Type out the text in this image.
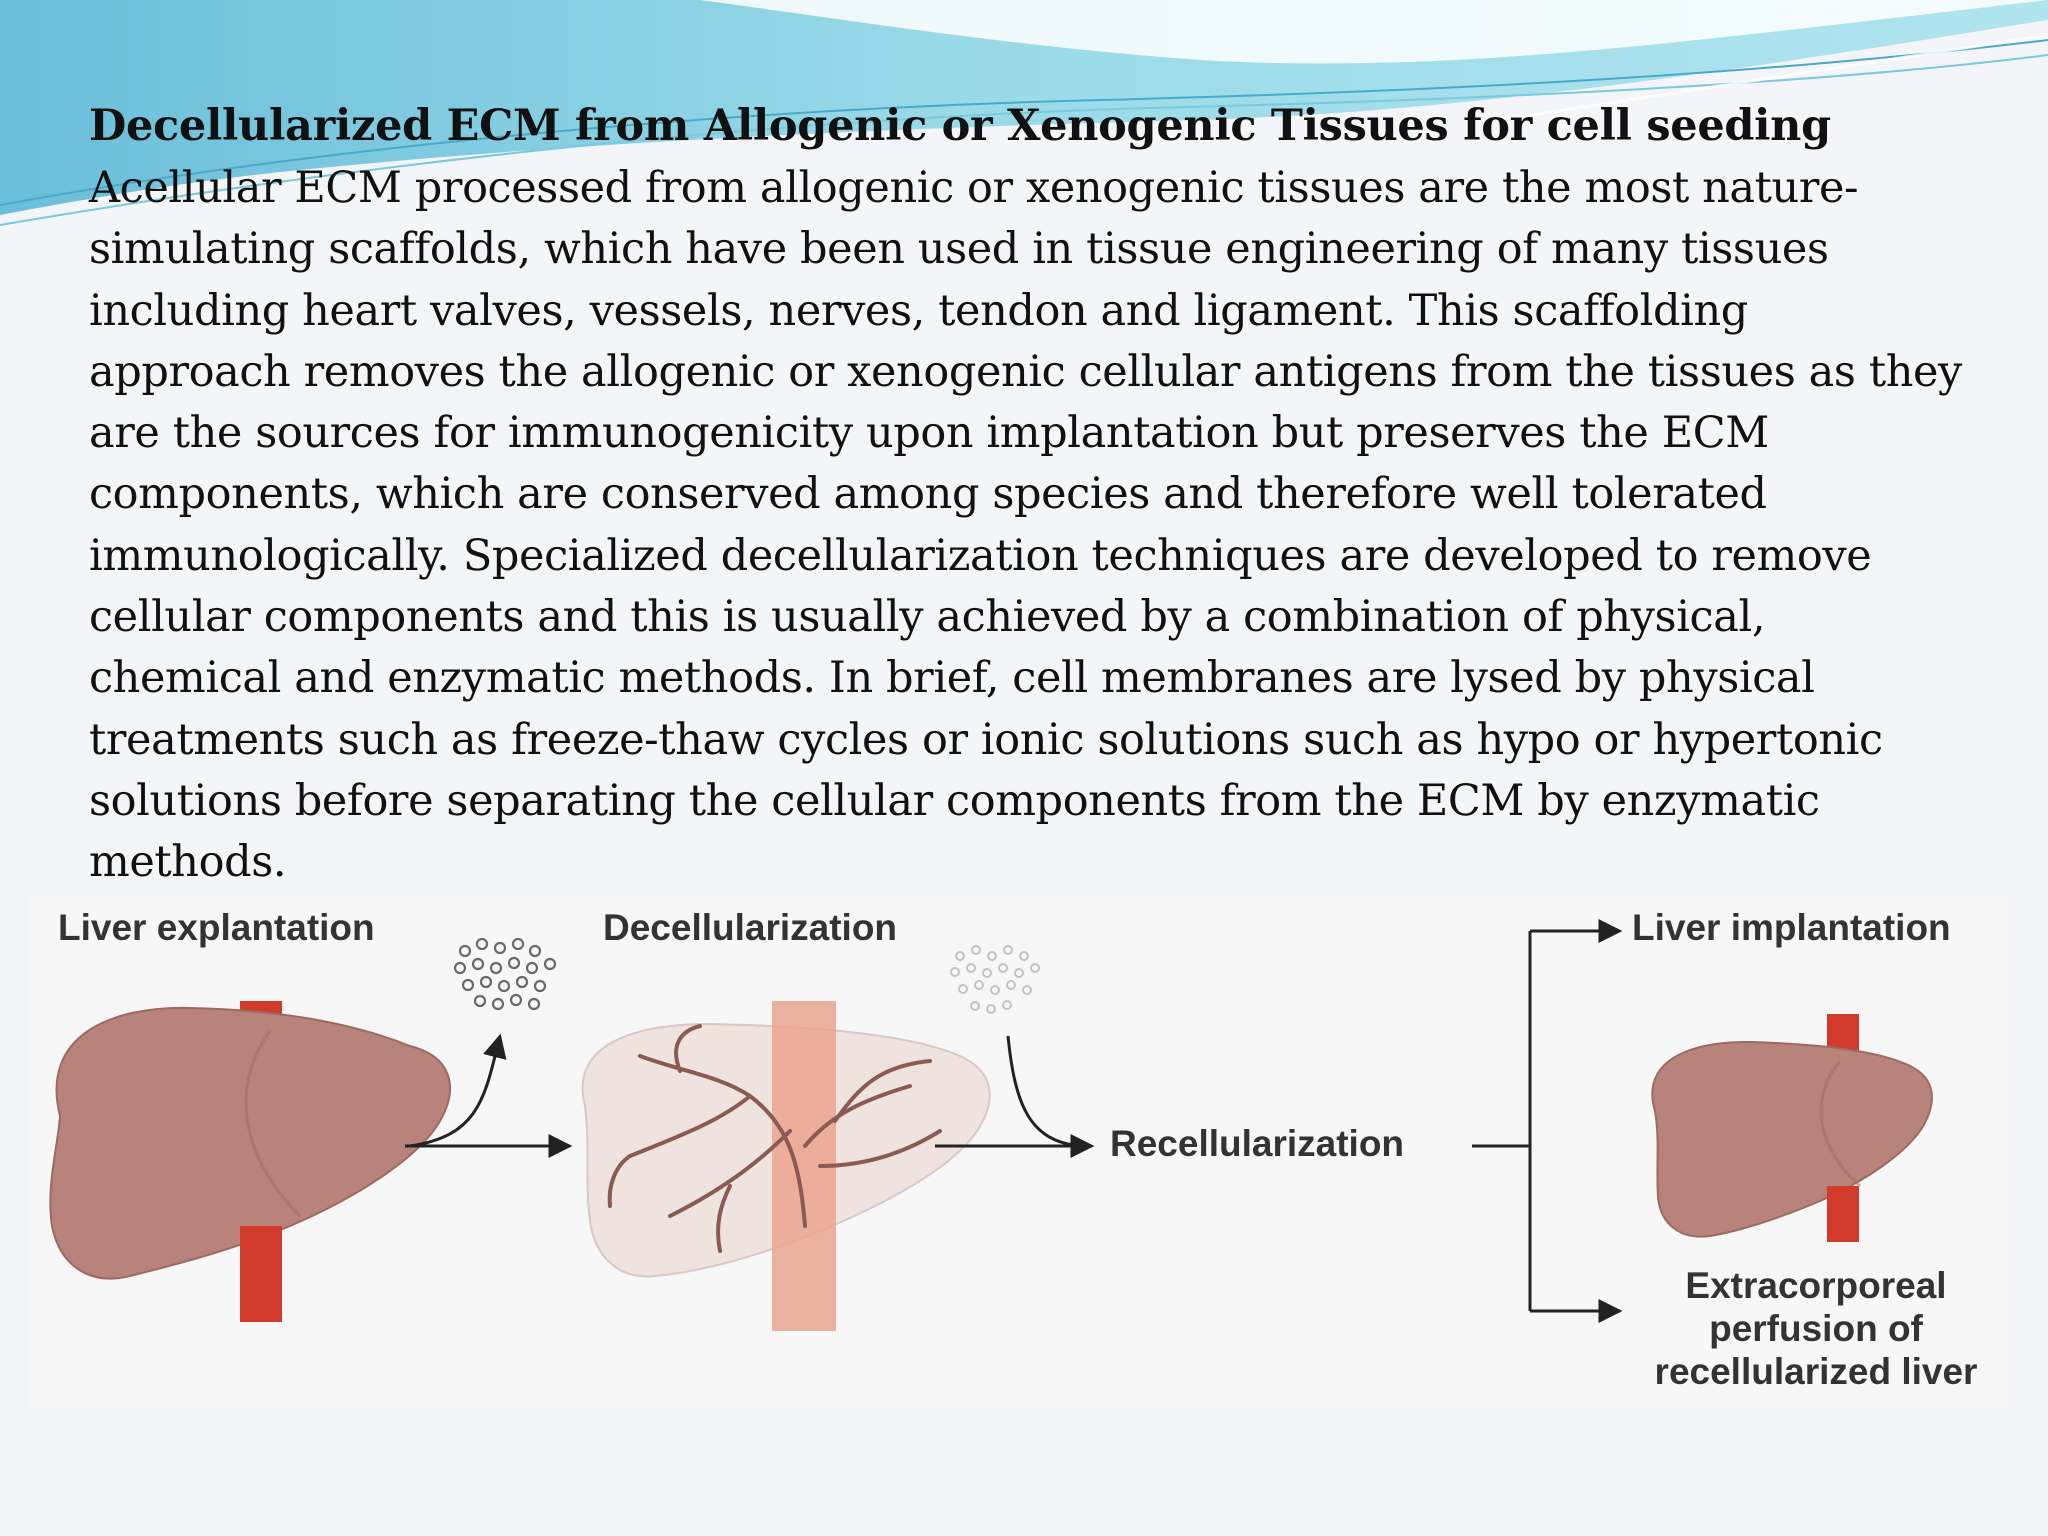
Decellularized ECM from Allogenic or Xenogenic Tissues for cell seeding
Acellular ECM processed from allogenic or xenogenic tissues are the most nature-
simulating scaffolds, which have been used in tissue engineering of many tissues
including heart valves, vessels, nerves, tendon and ligament. This scaffolding
approach removes the allogenic or xenogenic cellular antigens from the tissues as they
are the sources for immunogenicity upon implantation but preserves the ECM
components, which are conserved among species and therefore well tolerated
immunologically. Specialized decellularization techniques are developed to remove
cellular components and this is usually achieved by a combination of physical,
chemical and enzymatic methods. In brief, cell membranes are lysed by physical
treatments such as freeze-thaw cycles or ionic solutions such as hypo or hypertonic
solutions before separating the cellular components from the ECM by enzymatic
methods.
Liver explantation	Decellularization
Recellularization
Liver implantation
Extracorporeal
perfusion of
recellularized liver
